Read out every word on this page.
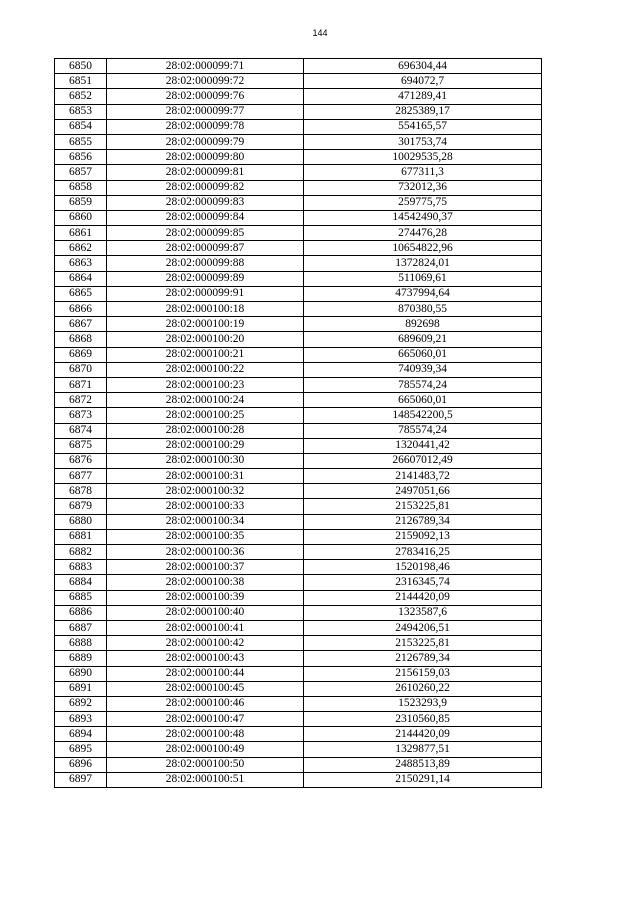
144
6850	28:02:000099:71	696304,44
6851	28:02:000099:72	694072,7
6852	28:02:000099:76	471289,41
6853	28:02:000099:77	2825389,17
6854	28:02:000099:78	554165,57
6855	28:02:000099:79	301753,74
6856	28:02:000099:80	10029535,28
6857	28:02:000099:81	677311,3
6858	28:02:000099:82	732012,36
6859	28:02:000099:83	259775,75
6860	28:02:000099:84	14542490,37
6861	28:02:000099:85	274476,28
6862	28:02:000099:87	10654822,96
6863	28:02:000099:88	1372824,01
6864	28:02:000099:89	511069,61
6865	28:02:000099:91	4737994,64
6866	28:02:000100:18	870380,55
6867	28:02:000100:19	892698
6868	28:02:000100:20	689609,21
6869	28:02:000100:21	665060,01
6870	28:02:000100:22	740939,34
6871	28:02:000100:23	785574,24
6872	28:02:000100:24	665060,01
6873	28:02:000100:25	148542200,5
6874	28:02:000100:28	785574,24
6875	28:02:000100:29	1320441,42
6876	28:02:000100:30	26607012,49
6877	28:02:000100:31	2141483,72
6878	28:02:000100:32	2497051,66
6879	28:02:000100:33	2153225,81
6880	28:02:000100:34	2126789,34
6881	28:02:000100:35	2159092,13
6882	28:02:000100:36	2783416,25
6883	28:02:000100:37	1520198,46
6884	28:02:000100:38	2316345,74
6885	28:02:000100:39	2144420,09
6886	28:02:000100:40	1323587,6
6887	28:02:000100:41	2494206,51
6888	28:02:000100:42	2153225,81
6889	28:02:000100:43	2126789,34
6890	28:02:000100:44	2156159,03
6891	28:02:000100:45	2610260,22
6892	28:02:000100:46	1523293,9
6893	28:02:000100:47	2310560,85
6894	28:02:000100:48	2144420,09
6895	28:02:000100:49	1329877,51
6896	28:02:000100:50	2488513,89
6897	28:02:000100:51	2150291,14
